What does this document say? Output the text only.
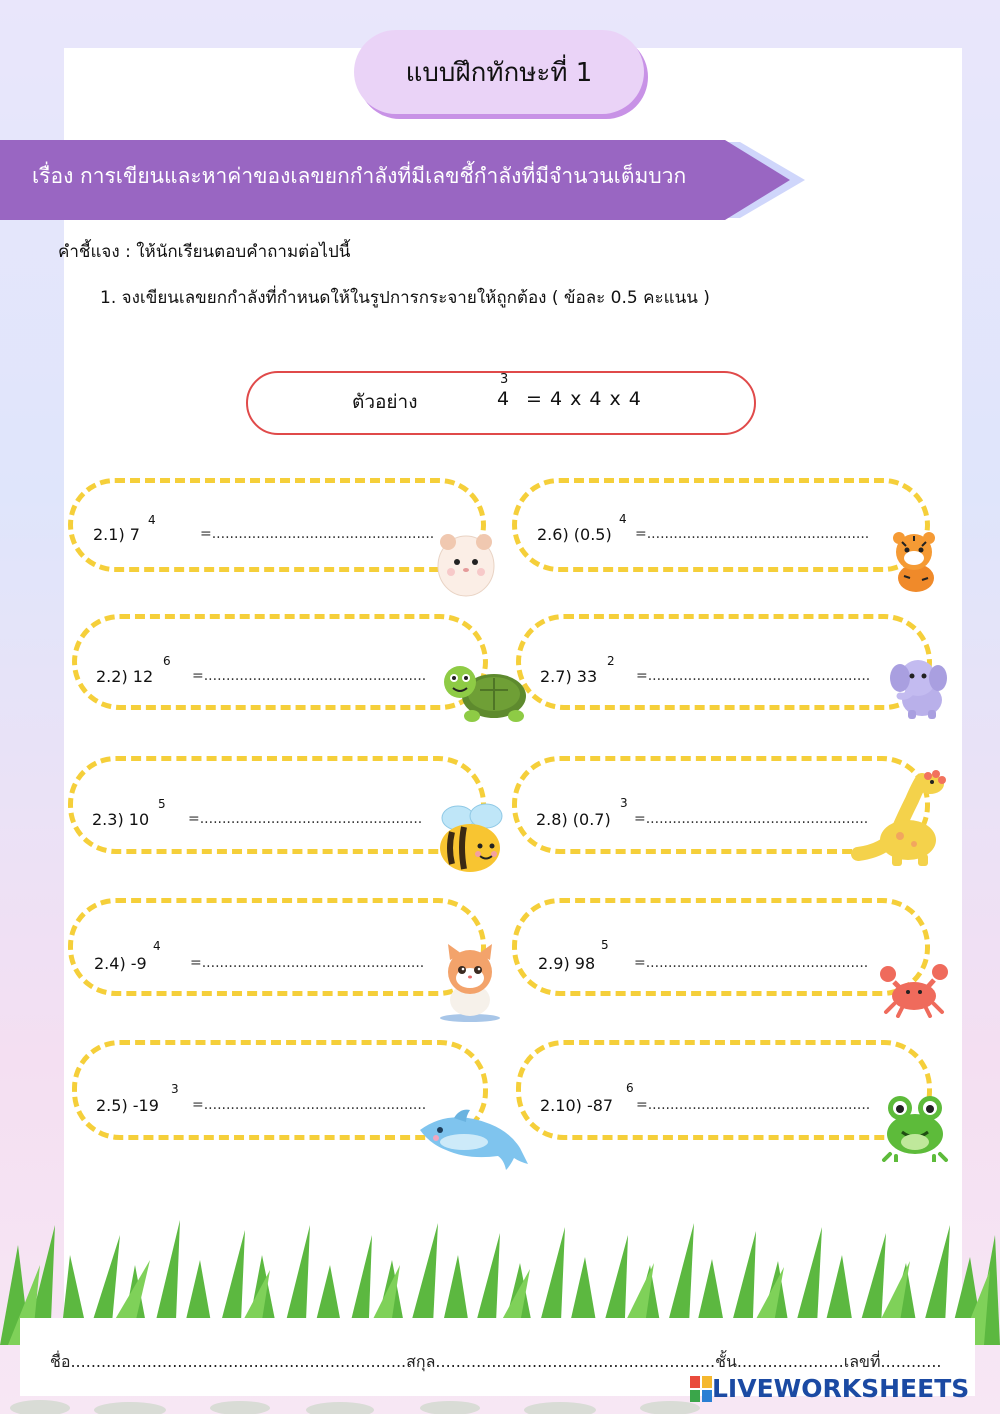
แบบฝึกทักษะที่ 1
เรื่อง การเขียนและหาค่าของเลขยกกำลังที่มีเลขชี้กำลังที่มีจำนวนเต็มบวก
คำชี้แจง : ให้นักเรียนตอบคำถามต่อไปนี้
1. จงเขียนเลขยกกำลังที่กำหนดให้ในรูปการกระจายให้ถูกต้อง ( ข้อละ 0.5 คะแนน )
ตัวอย่าง	4
3
= 4 x 4 x 4
2.1) 7
4
=..................................................
2.2) 12
6
=..................................................
2.3) 10
5
=..................................................
2.4) -9
4
=..................................................
2.5) -19
3
=..................................................
2.6) (0.5)
4
=..................................................
2.7) 33
2
=..................................................
2.8) (0.7)
3
=..................................................
2.9) 98
5
=..................................................
2.10) -87
6
=..................................................
ชื่อ..................................................................สกุล.......................................................ชั้น.....................เลขที่............
LIVEWORKSHEETS
